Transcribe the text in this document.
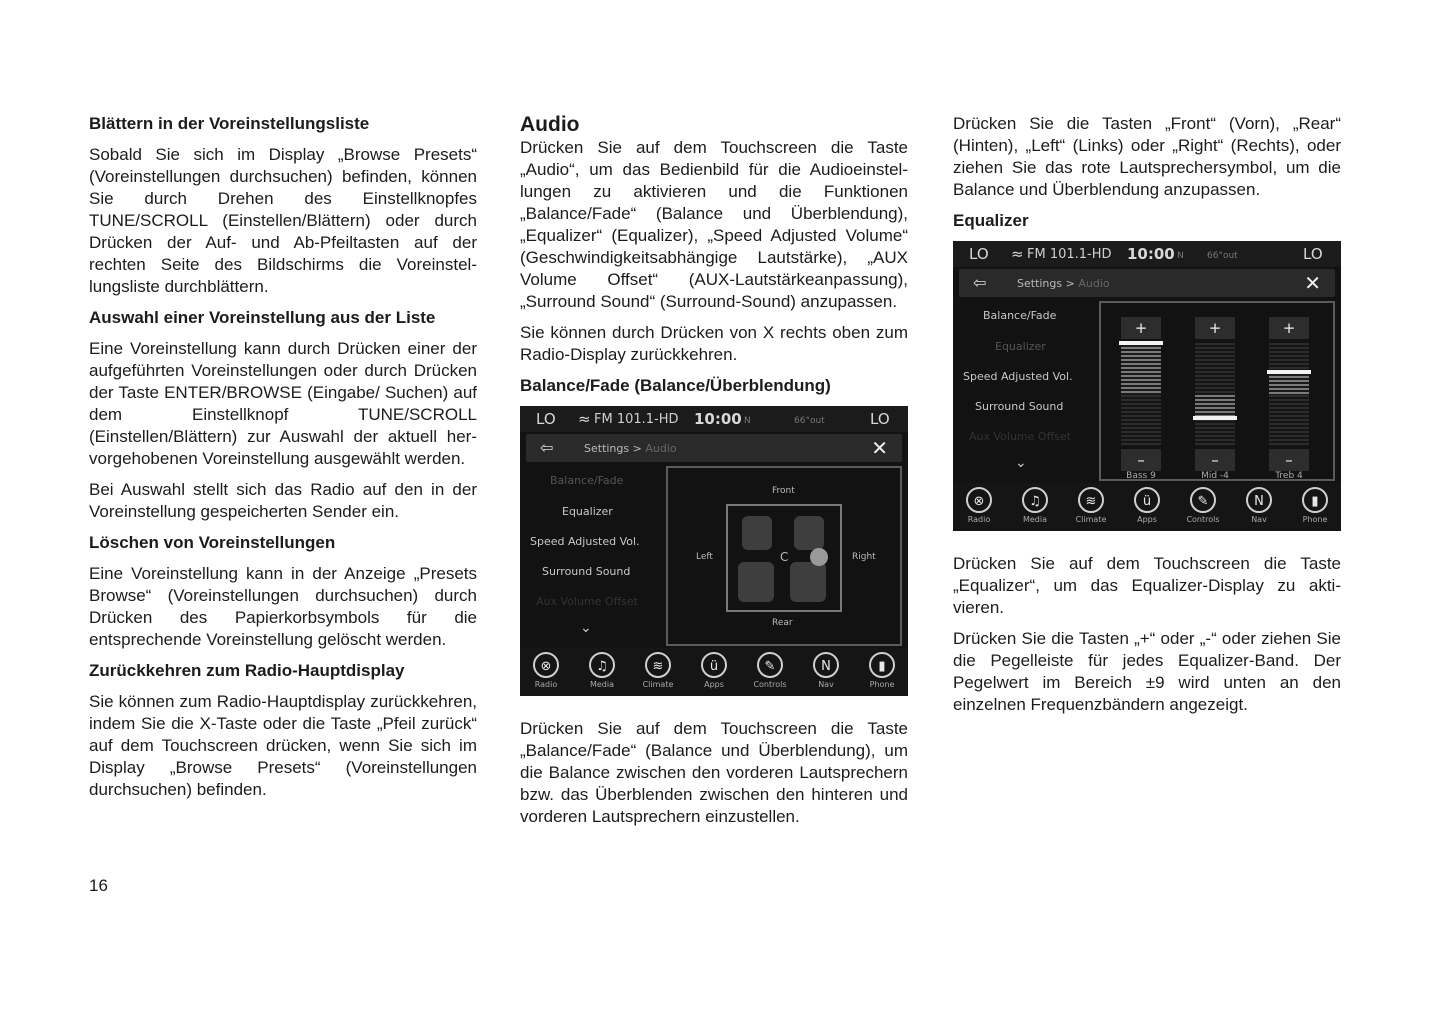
Blättern in der Voreinstellungsliste

Sobald Sie sich im Display „Browse Presets“ (Voreinstellungen durchsuchen) befinden, können Sie durch Drehen des Einstellknopfes TUNE/SCROLL (Einstellen/Blättern) oder durch Drücken der Auf- und Ab-Pfeiltasten auf der rechten Seite des Bildschirms die Voreinstellungsliste durchblättern.

Auswahl einer Voreinstellung aus der Liste

Eine Voreinstellung kann durch Drücken einer der aufgeführten Voreinstellungen oder durch Drücken der Taste ENTER/BROWSE (Eingabe/ Suchen) auf dem Einstellknopf TUNE/SCROLL (Einstellen/Blättern) zur Auswahl der aktuell hervorgehobenen Voreinstellung ausgewählt werden.

Bei Auswahl stellt sich das Radio auf den in der Voreinstellung gespeicherten Sender ein.

Löschen von Voreinstellungen

Eine Voreinstellung kann in der Anzeige „Presets Browse“ (Voreinstellungen durchsuchen) durch Drücken des Papierkorbsymbols für die entsprechende Voreinstellung gelöscht werden.

Zurückkehren zum Radio-Hauptdisplay

Sie können zum Radio-Hauptdisplay zurückkehren, indem Sie die X-Taste oder die Taste „Pfeil zurück“ auf dem Touchscreen drücken, wenn Sie sich im Display „Browse Presets“ (Voreinstellungen durchsuchen) befinden.

Audio

Drücken Sie auf dem Touchscreen die Taste „Audio“, um das Bedienbild für die Audioeinstellungen zu aktivieren und die Funktionen „Balance/Fade“ (Balance und Überblendung), „Equalizer“ (Equalizer), „Speed Adjusted Volume“ (Geschwindigkeitsabhängige Lautstärke), „AUX Volume Offset“ (AUX-Lautstärkeanpassung), „Surround Sound“ (Surround-Sound) anzupassen.

Sie können durch Drücken von X rechts oben zum Radio-Display zurückkehren.

Balance/Fade (Balance/Überblendung)
LO ≈ FM 101.1-HD 10:00 N	66°out	LO
⇦	Settings > Audio	✕
Balance/Fade
Equalizer
Speed Adjusted Vol.
Surround Sound
Aux Volume Offset
⌄
Front
Rear
Left	Right
C
⊗
Radio
♫
Media
≋
Climate
ü
Apps
✎
Controls
N
Nav
▮
Phone

Drücken Sie auf dem Touchscreen die Taste „Balance/Fade“ (Balance und Überblendung), um die Balance zwischen den vorderen Lautsprechern bzw. das Überblenden zwischen den hinteren und vorderen Lautsprechern einzustellen.

Drücken Sie die Tasten „Front“ (Vorn), „Rear“ (Hinten), „Left“ (Links) oder „Right“ (Rechts), oder ziehen Sie das rote Lautsprechersymbol, um die Balance und Überblendung anzupassen.

Equalizer
LO ≈ FM 101.1-HD 10:00 N	66°out	LO
⇦	Settings > Audio	✕
Balance/Fade
Equalizer
Speed Adjusted Vol.
Surround Sound
Aux Volume Offset
⌄
+
–
Bass 9
+
–
Mid -4
+
–
Treb 4
⊗
Radio
♫
Media
≋
Climate
ü
Apps
✎
Controls
N
Nav
▮
Phone

Drücken Sie auf dem Touchscreen die Taste „Equalizer“, um das Equalizer-Display zu aktivieren.

Drücken Sie die Tasten „+“ oder „-“ oder ziehen Sie die Pegelleiste für jedes Equalizer-Band. Der Pegelwert im Bereich ±9 wird unten an den einzelnen Frequenzbändern angezeigt.

16
